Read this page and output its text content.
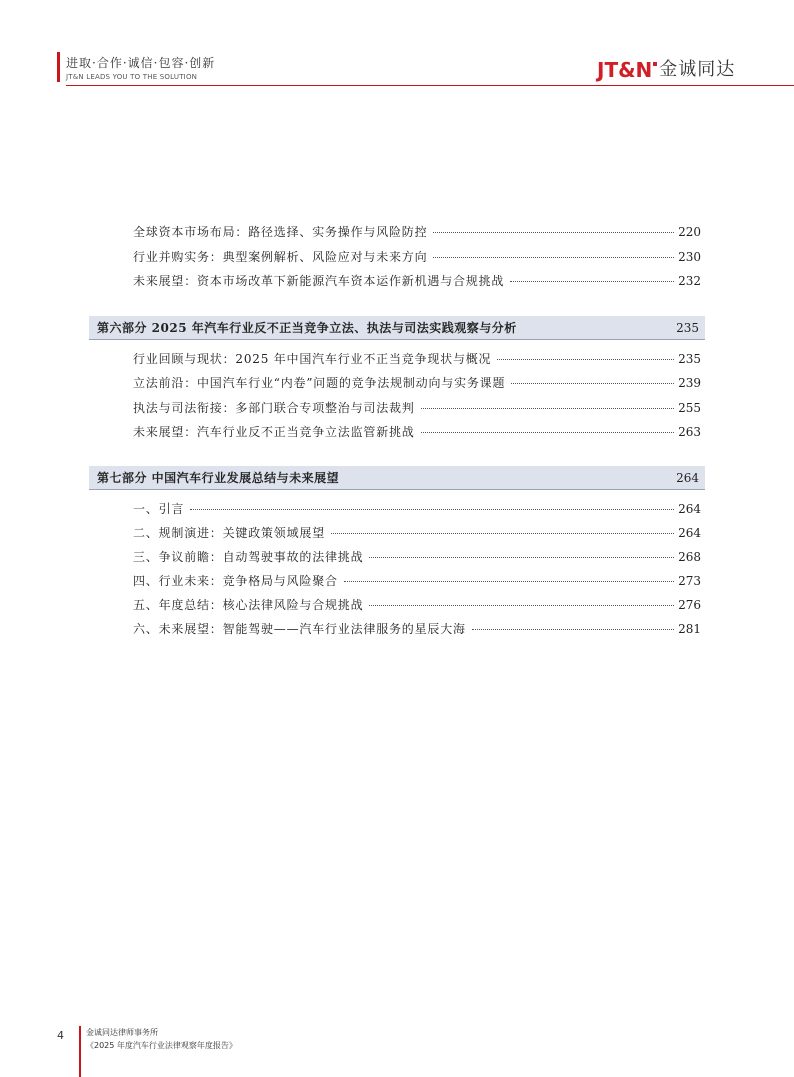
进取·合作·诚信·包容·创新
JT&N LEADS YOU TO THE SOLUTION	JT&N 金诚同达
全球资本市场布局：路径选择、实务操作与风险防控	220
行业并购实务：典型案例解析、风险应对与未来方向	230
未来展望：资本市场改革下新能源汽车资本运作新机遇与合规挑战	232
第六部分 2025 年汽车行业反不正当竞争立法、执法与司法实践观察与分析	235
行业回顾与现状：2025 年中国汽车行业不正当竞争现状与概况	235
立法前沿：中国汽车行业“内卷”问题的竞争法规制动向与实务课题	239
执法与司法衔接：多部门联合专项整治与司法裁判	255
未来展望：汽车行业反不正当竞争立法监管新挑战	263
第七部分 中国汽车行业发展总结与未来展望	264
一、引言	264
二、规制演进：关键政策领域展望	264
三、争议前瞻：自动驾驶事故的法律挑战	268
四、行业未来：竞争格局与风险聚合	273
五、年度总结：核心法律风险与合规挑战	276
六、未来展望：智能驾驶——汽车行业法律服务的星辰大海	281
4	金诚同达律师事务所
《2025 年度汽车行业法律观察年度报告》
